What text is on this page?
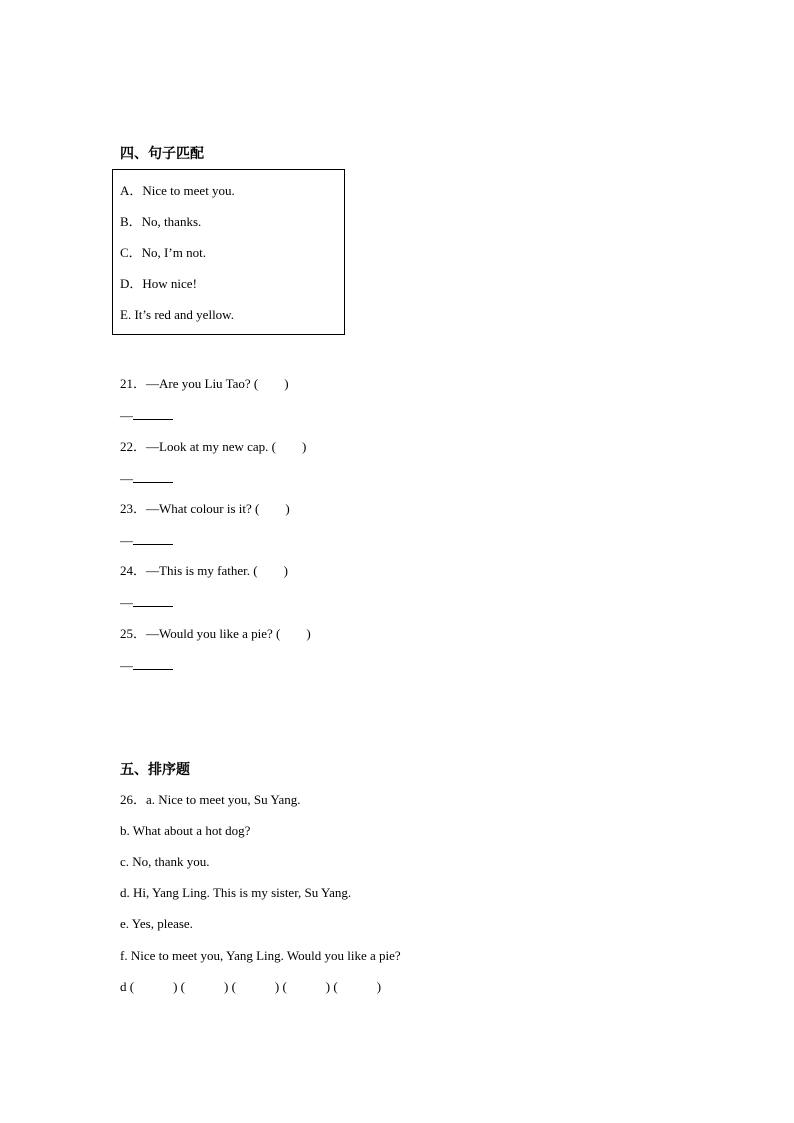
四、句子匹配
A．Nice to meet you.
B．No, thanks.
C．No, I’m not.
D．How nice!
E. It’s red and yellow.
21．—Are you Liu Tao? (　　)
—
22．—Look at my new cap. (　　)
—
23．—What colour is it? (　　)
—
24．—This is my father. (　　)
—
25．—Would you like a pie? (　　)
—
五、排序题
26．a. Nice to meet you, Su Yang.
b. What about a hot dog?
c. No, thank you.
d. Hi, Yang Ling. This is my sister, Su Yang.
e. Yes, please.
f. Nice to meet you, Yang Ling. Would you like a pie?
d (　　　) (　　　) (　　　) (　　　) (　　　)
